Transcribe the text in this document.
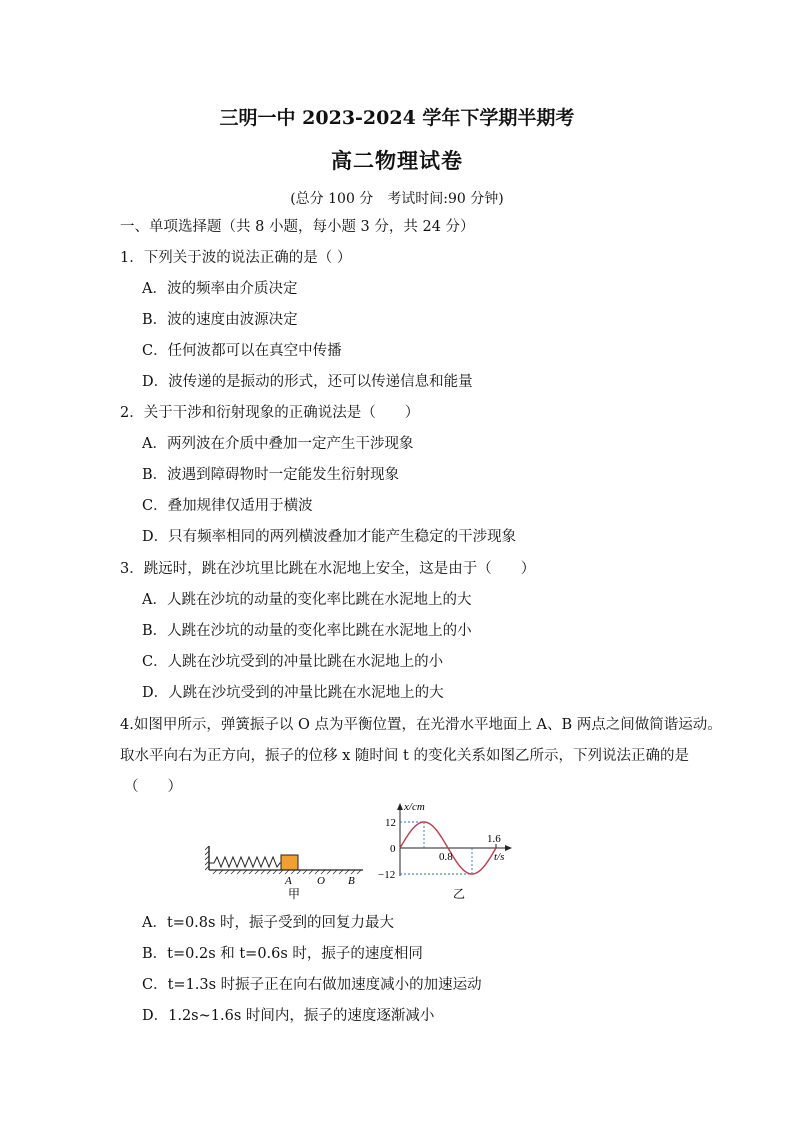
三明一中 2023-2024 学年下学期半期考
高二物理试卷
(总分 100 分 考试时间:90 分钟)
一、单项选择题（共 8 小题，每小题 3 分，共 24 分）
1．下列关于波的说法正确的是（ ）
A．波的频率由介质决定
B．波的速度由波源决定
C．任何波都可以在真空中传播
D．波传递的是振动的形式，还可以传递信息和能量
2．关于干涉和衍射现象的正确说法是（　　）
A．两列波在介质中叠加一定产生干涉现象
B．波遇到障碍物时一定能发生衍射现象
C．叠加规律仅适用于横波
D．只有频率相同的两列横波叠加才能产生稳定的干涉现象
3．跳远时，跳在沙坑里比跳在水泥地上安全，这是由于（　　）
A．人跳在沙坑的动量的变化率比跳在水泥地上的大
B．人跳在沙坑的动量的变化率比跳在水泥地上的小
C．人跳在沙坑受到的冲量比跳在水泥地上的小
D．人跳在沙坑受到的冲量比跳在水泥地上的大
4.如图甲所示，弹簧振子以 O 点为平衡位置，在光滑水平地面上 A、B 两点之间做简谐运动。
取水平向右为正方向，振子的位移 x 随时间 t 的变化关系如图乙所示，下列说法正确的是
（　　）
A O B
甲
x/cm
t/s
12
0
−12
0.8
1.6
乙
A．t=0.8s 时，振子受到的回复力最大
B．t=0.2s 和 t=0.6s 时，振子的速度相同
C．t=1.3s 时振子正在向右做加速度减小的加速运动
D．1.2s~1.6s 时间内，振子的速度逐渐减小
